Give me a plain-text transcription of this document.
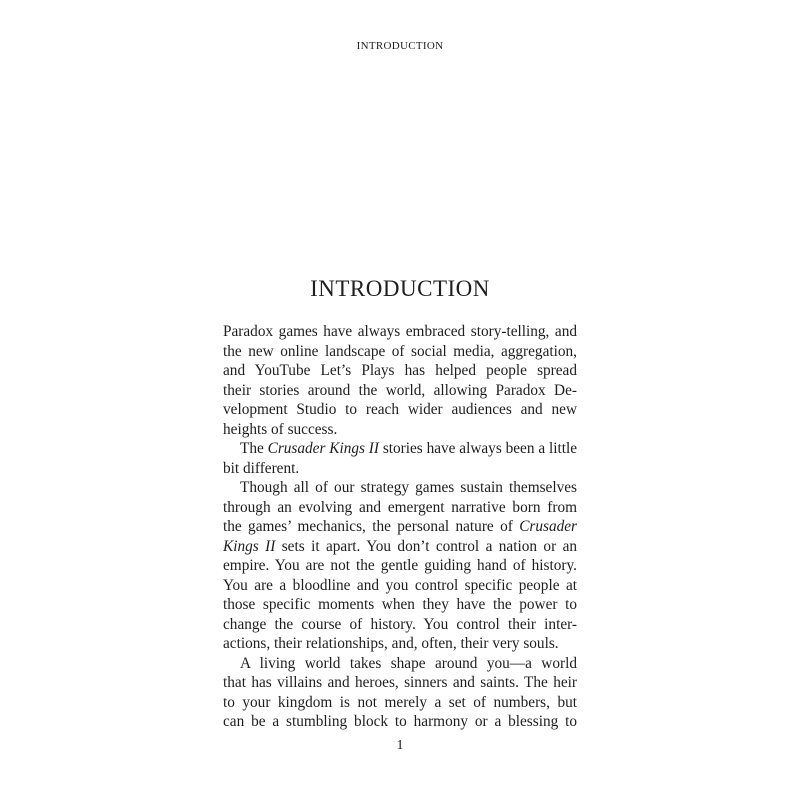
INTRODUCTION
INTRODUCTION
Paradox games have always embraced story-telling, and
the new online landscape of social media, aggregation,
and YouTube Let’s Plays has helped people spread
their stories around the world, allowing Paradox De-
velopment Studio to reach wider audiences and new
heights of success.
The Crusader Kings II stories have always been a little
bit different.
Though all of our strategy games sustain themselves
through an evolving and emergent narrative born from
the games’ mechanics, the personal nature of Crusader
Kings II sets it apart. You don’t control a nation or an
empire. You are not the gentle guiding hand of history.
You are a bloodline and you control specific people at
those specific moments when they have the power to
change the course of history. You control their inter-
actions, their relationships, and, often, their very souls.
A living world takes shape around you—a world
that has villains and heroes, sinners and saints. The heir
to your kingdom is not merely a set of numbers, but
can be a stumbling block to harmony or a blessing to
1
